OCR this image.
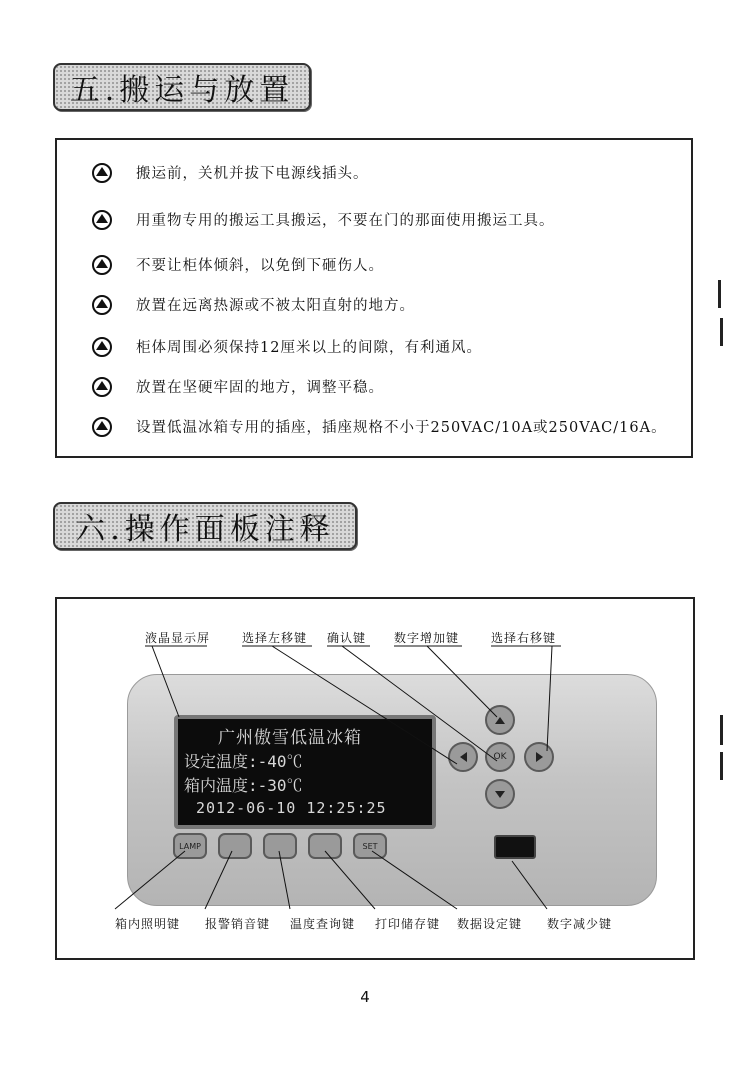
五.搬运与放置
搬运前，关机并拔下电源线插头。
用重物专用的搬运工具搬运，不要在门的那面使用搬运工具。
不要让柜体倾斜，以免倒下砸伤人。
放置在远离热源或不被太阳直射的地方。
柜体周围必须保持12厘米以上的间隙，有利通风。
放置在坚硬牢固的地方，调整平稳。
设置低温冰箱专用的插座，插座规格不小于250VAC/10A或250VAC/16A。
六.操作面板注释
液晶显示屏	选择左移键 确认键 数字增加键	选择右移键
广州傲雪低温冰箱
设定温度:-40℃
箱内温度:-30℃
2012-06-10 12:25:25
OK
LAMP	SET
箱内照明键 报警销音键 温度查询键 打印储存键 数据设定键 数字减少键
4
